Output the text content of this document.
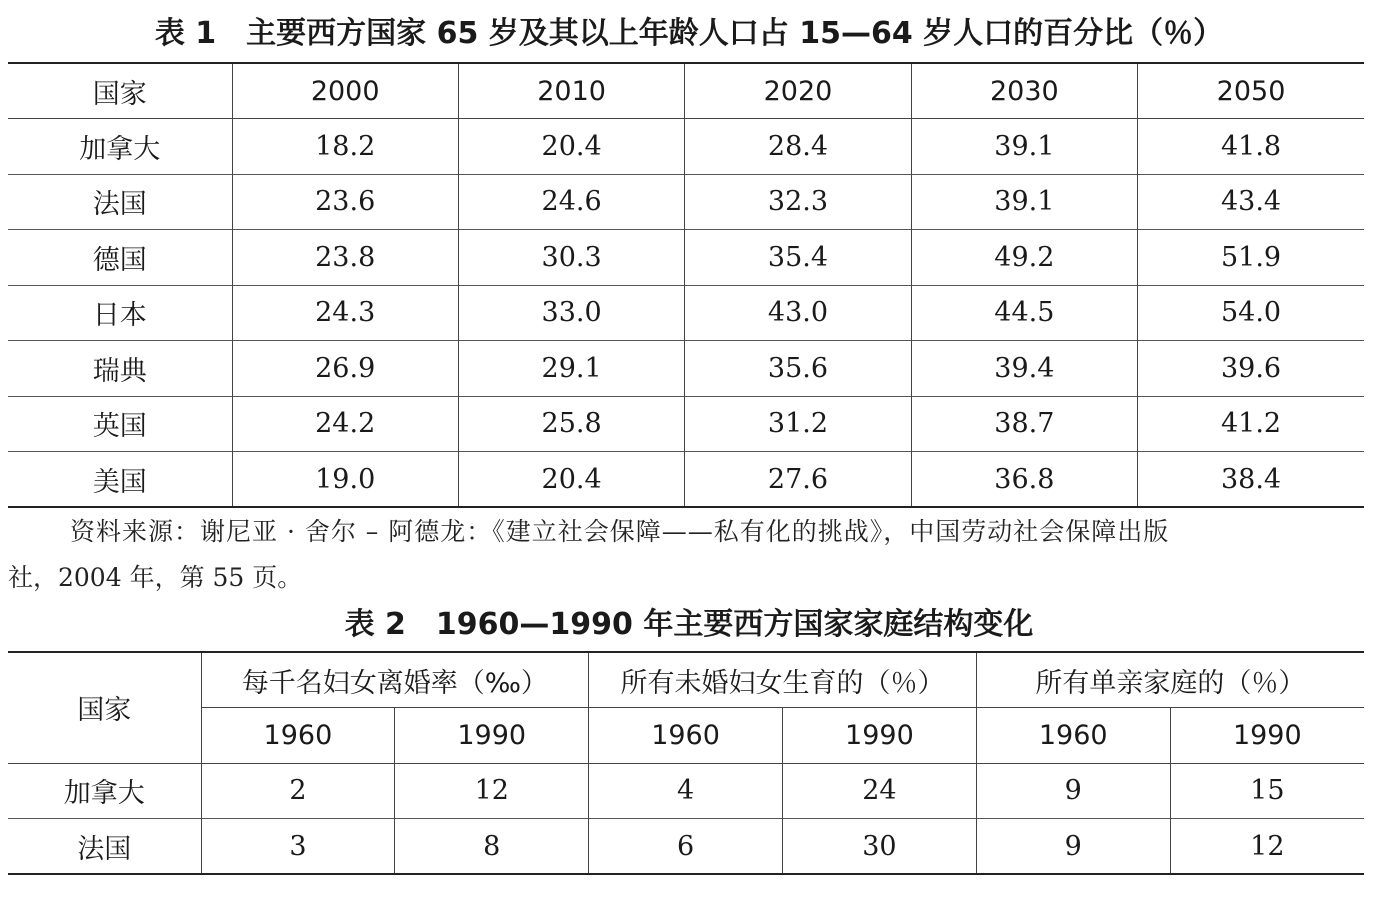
表 1　主要西方国家 65 岁及其以上年龄人口占 15—64 岁人口的百分比（％）
国家	2000	2010	2020	2030	2050
加拿大	18.2	20.4	28.4	39.1	41.8
法国	23.6	24.6	32.3	39.1	43.4
德国	23.8	30.3	35.4	49.2	51.9
日本	24.3	33.0	43.0	44.5	54.0
瑞典	26.9	29.1	35.6	39.4	39.6
英国	24.2	25.8	31.2	38.7	41.2
美国	19.0	20.4	27.6	36.8	38.4
资料来源：谢尼亚 · 舍尔 – 阿德龙：《建立社会保障——私有化的挑战》，中国劳动社会保障出版
社，2004 年，第 55 页。
表 2　1960—1990 年主要西方国家家庭结构变化
国家	每千名妇女离婚率（‰）		所有未婚妇女生育的（％）		所有单亲家庭的（％）	
	1960	1990	1960	1990	1960	1990
加拿大	2	12	4	24	9	15
法国	3	8	6	30	9	12
